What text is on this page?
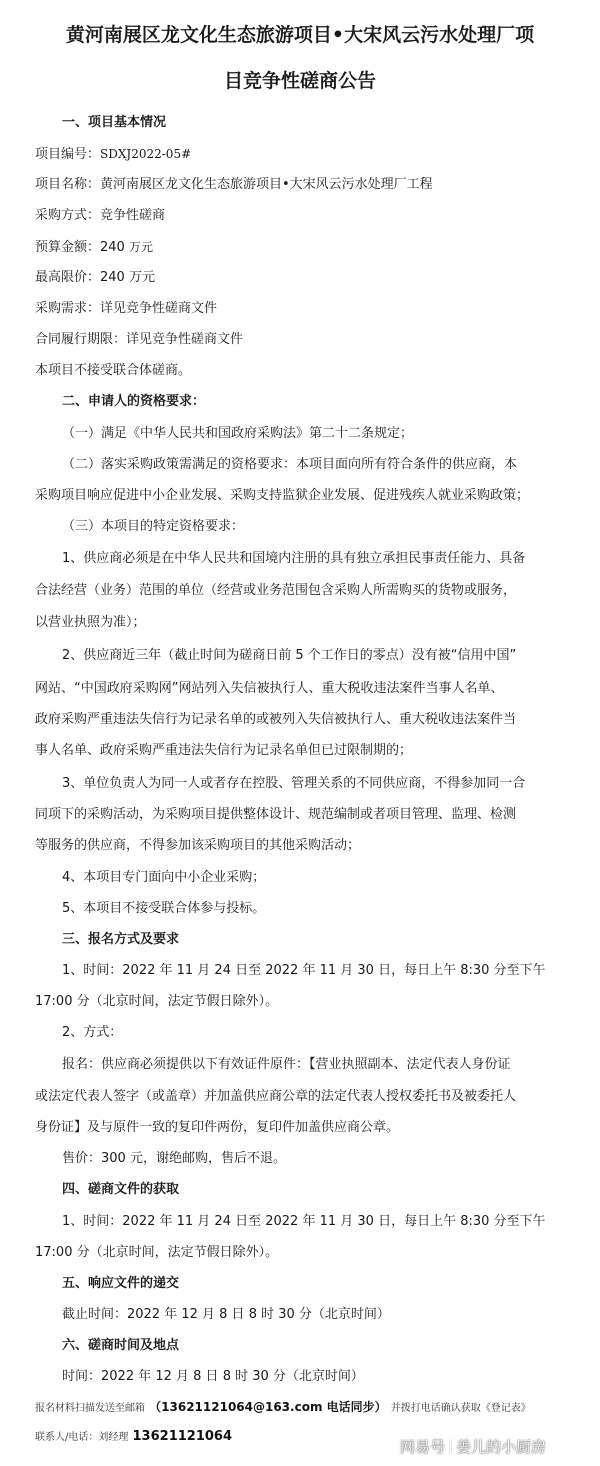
黄河南展区龙文化生态旅游项目•大宋风云污水处理厂项
目竞争性磋商公告
一、项目基本情况
项目编号：SDXJ2022-05#
项目名称：黄河南展区龙文化生态旅游项目•大宋风云污水处理厂工程
采购方式：竞争性磋商
预算金额：240 万元
最高限价：240 万元
采购需求：详见竞争性磋商文件
合同履行期限：详见竞争性磋商文件
本项目不接受联合体磋商。
二、申请人的资格要求：
（一）满足《中华人民共和国政府采购法》第二十二条规定；
（二）落实采购政策需满足的资格要求：本项目面向所有符合条件的供应商，本
采购项目响应促进中小企业发展、采购支持监狱企业发展、促进残疾人就业采购政策；
（三）本项目的特定资格要求：
1、供应商必须是在中华人民共和国境内注册的具有独立承担民事责任能力、具备
合法经营（业务）范围的单位（经营或业务范围包含采购人所需购买的货物或服务，
以营业执照为准）；
2、供应商近三年（截止时间为磋商日前 5 个工作日的零点）没有被“信用中国”
网站、“中国政府采购网”网站列入失信被执行人、重大税收违法案件当事人名单、
政府采购严重违法失信行为记录名单的或被列入失信被执行人、重大税收违法案件当
事人名单、政府采购严重违法失信行为记录名单但已过限制期的；
3、单位负责人为同一人或者存在控股、管理关系的不同供应商，不得参加同一合
同项下的采购活动，为采购项目提供整体设计、规范编制或者项目管理、监理、检测
等服务的供应商，不得参加该采购项目的其他采购活动；
4、本项目专门面向中小企业采购；
5、本项目不接受联合体参与投标。
三、报名方式及要求
1、时间：2022 年 11 月 24 日至 2022 年 11 月 30 日，每日上午 8:30 分至下午
17:00 分（北京时间，法定节假日除外）。
2、方式：
报名：供应商必须提供以下有效证件原件：【营业执照副本、法定代表人身份证
或法定代表人签字（或盖章）并加盖供应商公章的法定代表人授权委托书及被委托人
身份证】及与原件一致的复印件两份，复印件加盖供应商公章。
售价：300 元，谢绝邮购，售后不退。
四、磋商文件的获取
1、时间：2022 年 11 月 24 日至 2022 年 11 月 30 日，每日上午 8:30 分至下午
17:00 分（北京时间，法定节假日除外）。
五、响应文件的递交
截止时间：2022 年 12 月 8 日 8 时 30 分（北京时间）
六、磋商时间及地点
时间：2022 年 12 月 8 日 8 时 30 分（北京时间）
报名材料扫描发送至邮箱 （13621121064@163.com 电话同步） 并拨打电话确认获取《登记表》
联系人/电话：刘经理 13621121064
网易号 姜儿的小厨房
